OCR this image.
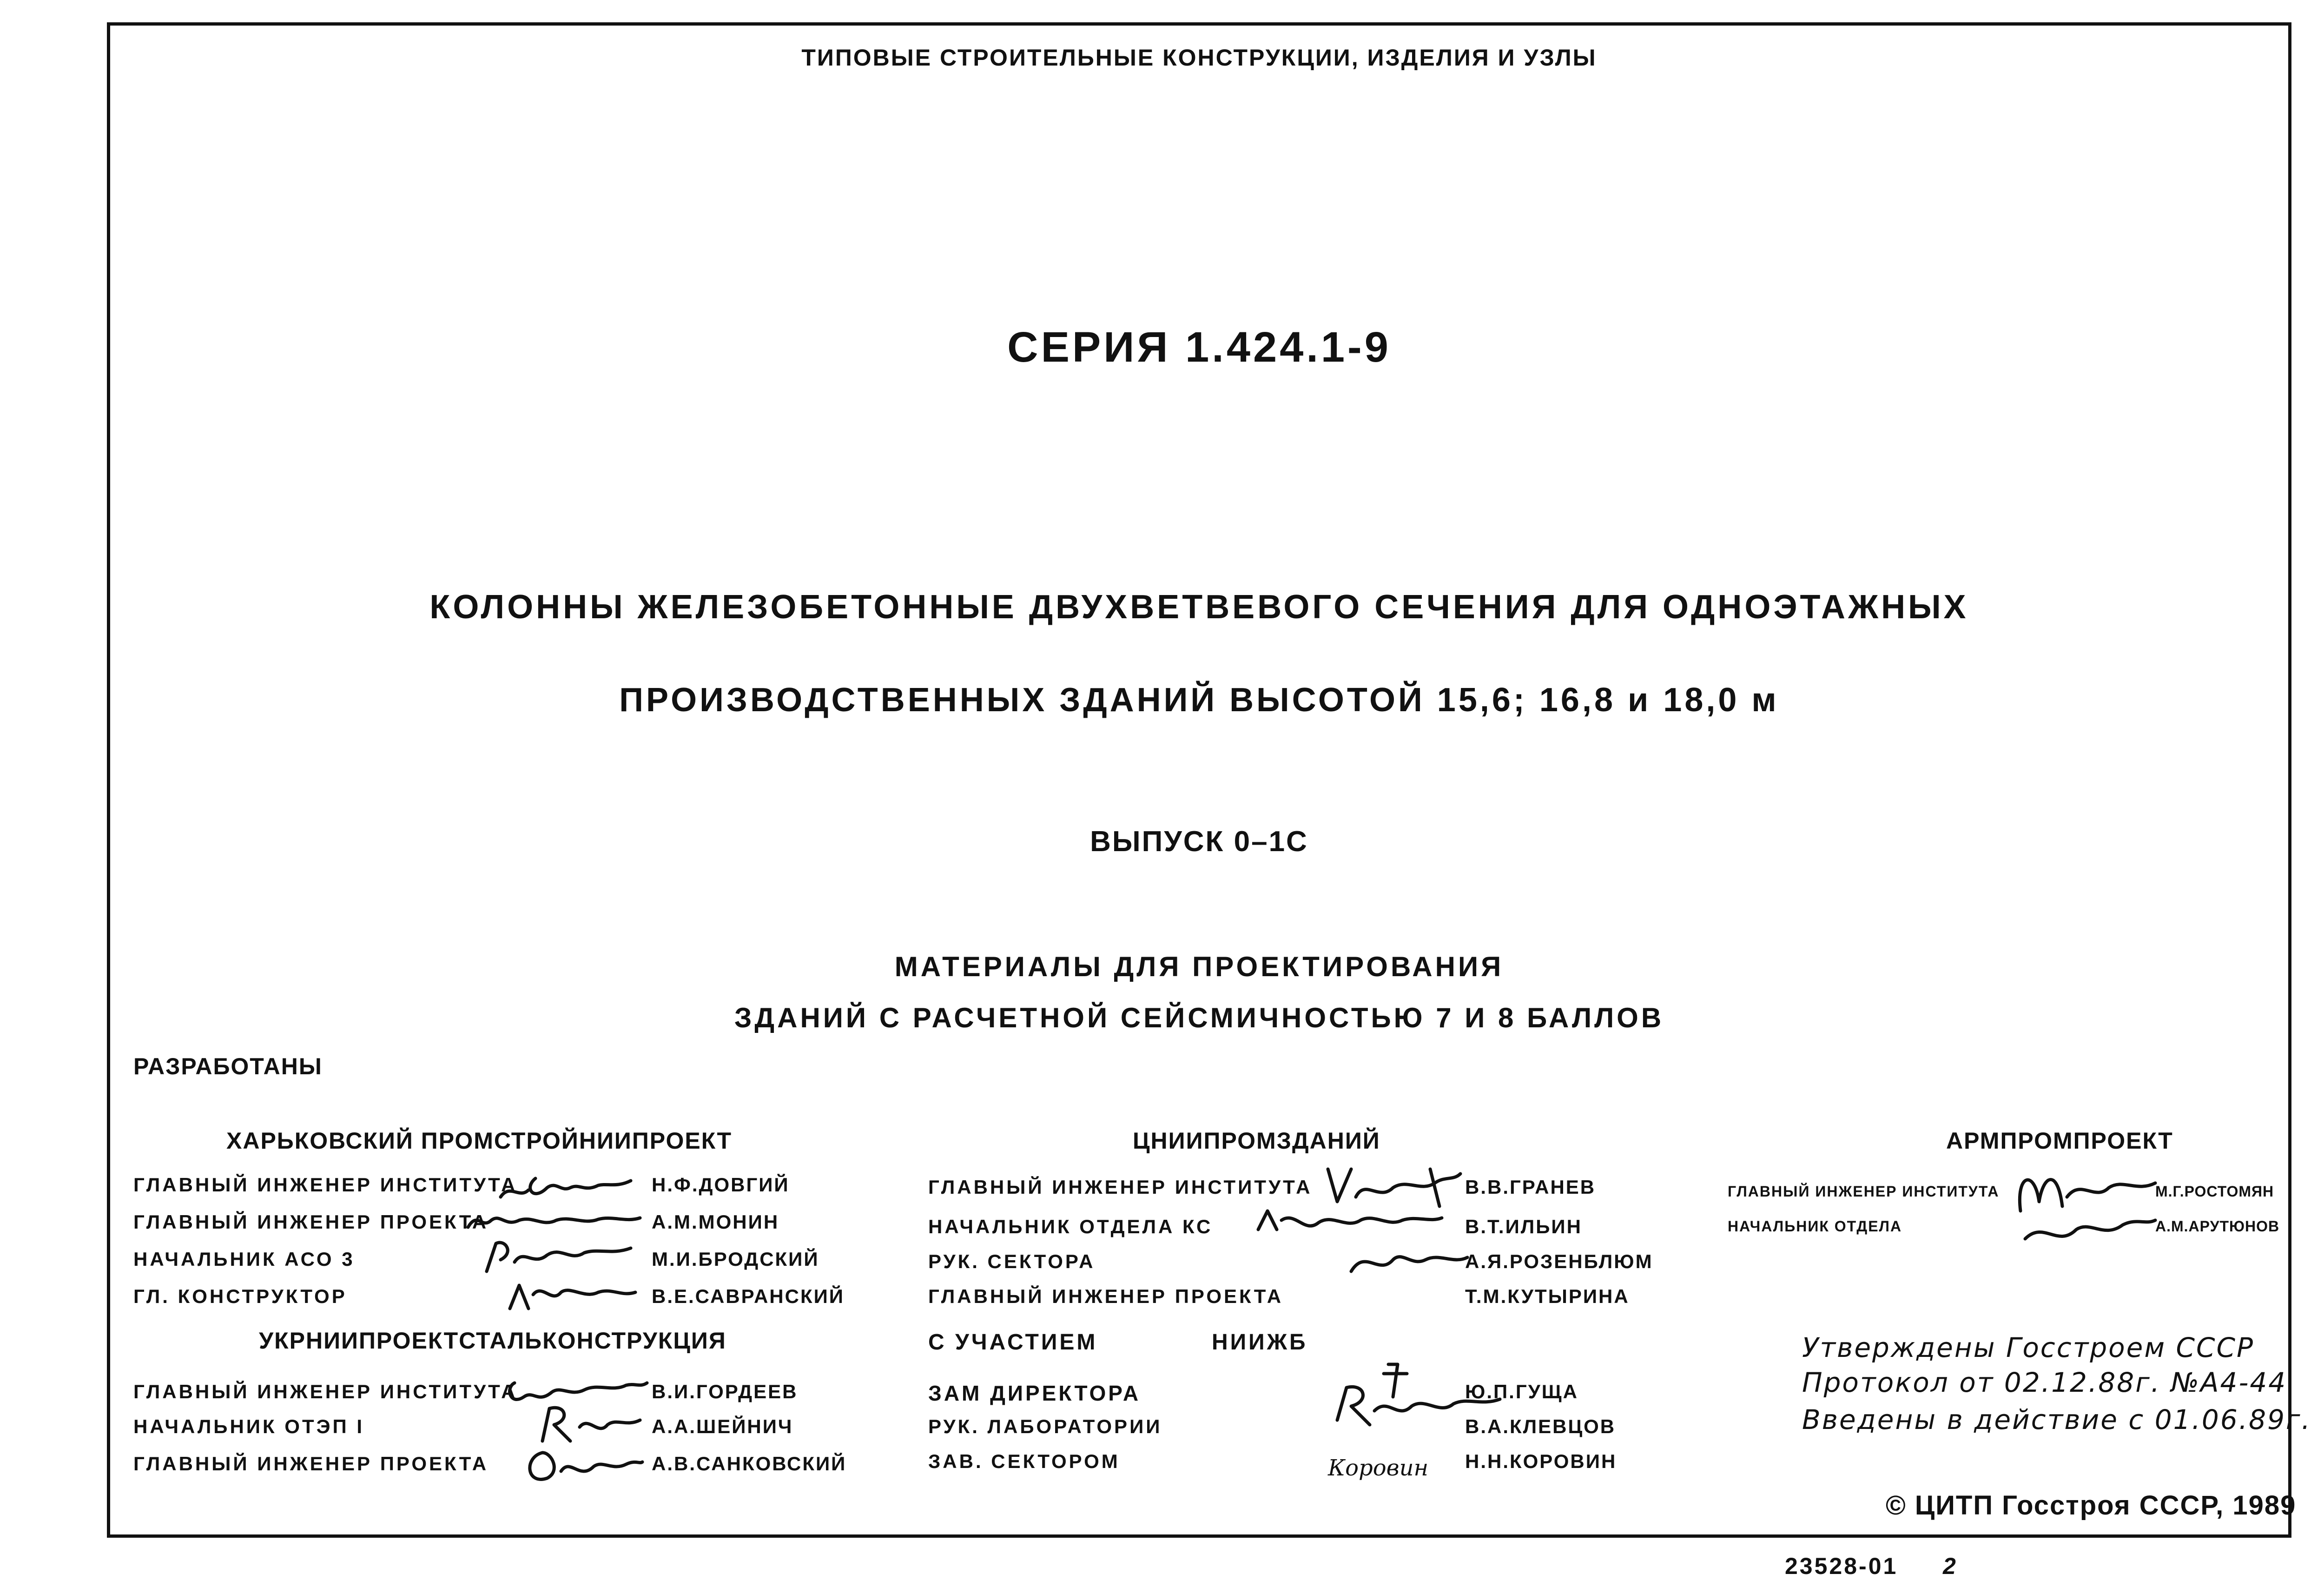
ТИПОВЫЕ СТРОИТЕЛЬНЫЕ КОНСТРУКЦИИ, ИЗДЕЛИЯ И УЗЛЫ
СЕРИЯ 1.424.1-9
КОЛОННЫ ЖЕЛЕЗОБЕТОННЫЕ ДВУХВЕТВЕВОГО СЕЧЕНИЯ ДЛЯ ОДНОЭТАЖНЫХ
ПРОИЗВОДСТВЕННЫХ ЗДАНИЙ ВЫСОТОЙ 15,6; 16,8 и 18,0 м
ВЫПУСК 0–1С
МАТЕРИАЛЫ ДЛЯ ПРОЕКТИРОВАНИЯ
ЗДАНИЙ С РАСЧЕТНОЙ СЕЙСМИЧНОСТЬЮ 7 И 8 БАЛЛОВ
РАЗРАБОТАНЫ
ХАРЬКОВСКИЙ ПРОМСТРОЙНИИПРОЕКТ
ГЛАВНЫЙ ИНЖЕНЕР ИНСТИТУТА	Н.Ф.ДОВГИЙ
ГЛАВНЫЙ ИНЖЕНЕР ПРОЕКТА	А.М.МОНИН
НАЧАЛЬНИК АСО 3	М.И.БРОДСКИЙ
ГЛ. КОНСТРУКТОР	В.Е.САВРАНСКИЙ
УКРНИИПРОЕКТСТАЛЬКОНСТРУКЦИЯ
ГЛАВНЫЙ ИНЖЕНЕР ИНСТИТУТА	В.И.ГОРДЕЕВ
НАЧАЛЬНИК ОТЭП I	А.А.ШЕЙНИЧ
ГЛАВНЫЙ ИНЖЕНЕР ПРОЕКТА	А.В.САНКОВСКИЙ
ЦНИИПРОМЗДАНИЙ
ГЛАВНЫЙ ИНЖЕНЕР ИНСТИТУТА	В.В.ГРАНЕВ
НАЧАЛЬНИК ОТДЕЛА КС	В.Т.ИЛЬИН
РУК. СЕКТОРА	А.Я.РОЗЕНБЛЮМ
ГЛАВНЫЙ ИНЖЕНЕР ПРОЕКТА	Т.М.КУТЫРИНА
С УЧАСТИЕМ	НИИЖБ
ЗАМ ДИРЕКТОРА	Ю.П.ГУЩА
РУК. ЛАБОРАТОРИИ	В.А.КЛЕВЦОВ
ЗАВ. СЕКТОРОМ	Н.Н.КОРОВИН
АРМПРОМПРОЕКТ
ГЛАВНЫЙ ИНЖЕНЕР ИНСТИТУТА	М.Г.РОСТОМЯН
НАЧАЛЬНИК ОТДЕЛА	А.М.АРУТЮНОВ
Утверждены Госстроем СССР
Протокол от 02.12.88г. №А4-44
Введены в действие с 01.06.89г.
© ЦИТП Госстроя СССР, 1989
Коровин
23528-01 2
